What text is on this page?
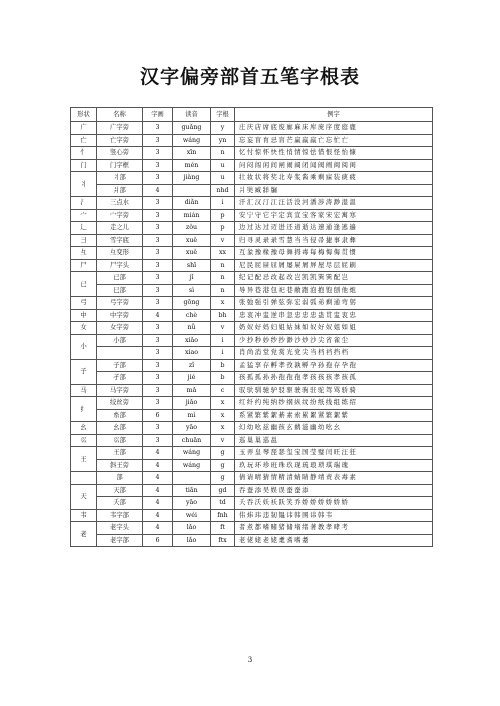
汉字偏旁部首五笔字根表
形状	名称	字画	读音	字根	例字
广	广字旁	3	guǎng	y	庄庆店席底废廊麻床库庞序度庭鹿
亡	亡字旁	3	wáng	yn	忘妄盲育忌盲芒赢羸羸亡忘忙亡
忄	竖心旁	3	xīn	n	忆忖惊怀快性悄情惊怯惜恨怪怡慷
门	门字框	3	mén	u	问闷闯闲间闸闹阔闭闻阀阐闽阅闺
丬	丬部	3	jiàng	u	壮妆状将奖北寿浆酱乘剩寐装痰疲
	爿部	4		nhd	爿奘臧牂牖
氵	三点水	3	diǎn	i	汗汇汉汀江汪活没河潘涉涛渺湿温
宀	宀字旁	3	mián	p	安宁守它宇定宾宣宝客家宋宏寓寒
辶	走之儿	3	zǒu	p	边过达过迈进还道逝达速通逢逃遍
彐	雪字底	3	xuě	v	归寻灵录录雪慧当当侵帚捷事隶彝
彑	彑变形	3	xuě	xx	互彖豫椽豫母舞拇毒每梅悔侮贯惯
尸	尸字头	3	shī	n	尼民屁屉屈屑屡屉屑屏屋尽层屁刷
已	已部	3	jǐ	n	纪记配忌改起改岂凯凯巽巽配岂
	巳部	3	sì	n	导异巷港包祀巷敝跑泡抱饱刨他炮
弓	弓字旁	3	gōng	x	张弛强引弹弦弥宏弱弧弟剩通弯躬
中	中字旁	4	chè	bh	忠衷冲盅逆串忽忠忠忠蛊贯盅衷忠
女	女字旁	3	nǚ	v	奶奴好妈妇姐姑妹如奴好奴姐如姐
小	小部	3	xiǎo	i	少抄秒妙纱抄渺沙炒沙尖省雀尘
		3	xiao	i	肖尚消堂党赏光党尖当档裆挡档
子	子部	3	zǐ	b	孟猛享存孵孝孜孰孵孕孙孢存孕孢
	孑部	3	jié	b	孩孤孤孙孙孢孢孢孝孩孩孩孝孩孤
马	马字旁	3	mǎ	c	驭驮驯驰驴驳驱驶驹驻驼驾骂骄骑
纟	绞丝旁	3	jiǎo	x	红纤约纯纳纱纲纵纹纷纸线组练绍
	糸部	6	mì	x	系紧繁紫絮綦素索累絮紧繁絮紫
幺	幺部	3	yāo	x	幻幼吆兹幽孩玄鹚滋幽幼吆幺
巛	巛部	3	chuān	v	巡巢巢巡邕
王	王部	4	wáng	g	玉弄皇琴琵瑟玺宝国莹璧闰旺汪狂
	斜王旁	4	wáng	g	玖玩环珍班珠玖现琉琅琐琪瑞瑰
	部	4		g	倩请晴猜情精清蜻睛静靖责表毒素
天	天部	4	tiān	gd	吞蚕添吴娱误蚕蚕添
	夭部	4	yāo	td	夭吞沃妖袄跃笑乔娇娇娇娇娇娇
韦	韦字部	4	wéi	fnh	伟炜玮违韧韫讳韩围讳韩韦
老	老字头	4	lǎo	ft	者煮都嗜赌猪储堵绪著教孝哮考
	老字部	6	lǎo	ftx	老佬姥老姥耄耆嗜耋
3
